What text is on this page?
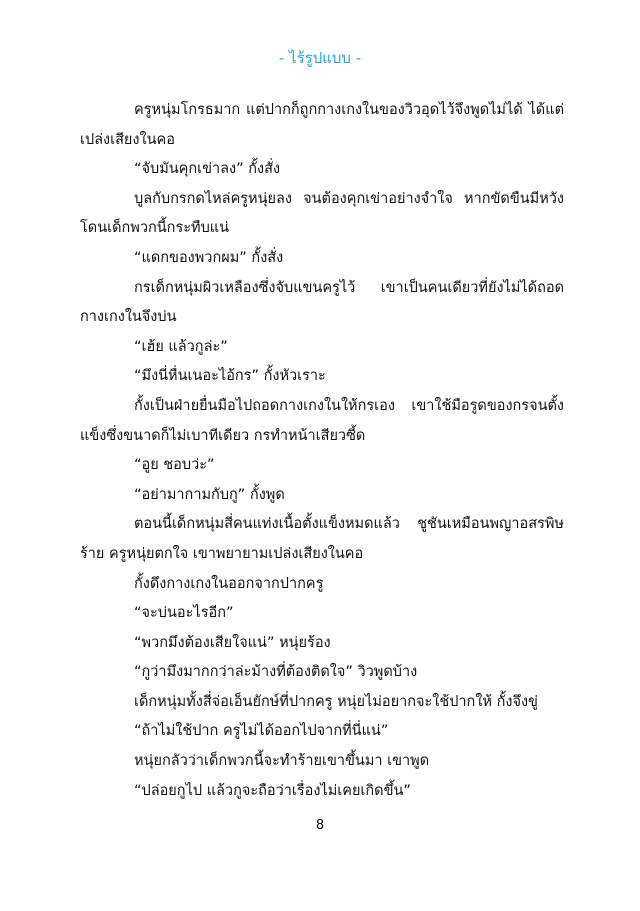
- ไร้รูปแบบ -

ครูหนุ่มโกรธมาก แต่ปากก็ถูกกางเกงในของวิวอุดไว้จึงพูดไม่ได้ ได้แต่เปล่งเสียงในคอ

“จับมันคุกเข่าลง” กั้งสั่ง

บูลกับกรกดไหล่ครูหนุ่ยลง จนต้องคุกเข่าอย่างจำใจ หากขัดขืนมีหวังโดนเด็กพวกนี้กระทืบแน่

“แดกของพวกผม” กั้งสั่ง

กรเด็กหนุ่มผิวเหลืองซึ่งจับแขนครูไว้ เขาเป็นคนเดียวที่ยังไม่ได้ถอดกางเกงในจึงบ่น

“เฮ้ย แล้วกูล่ะ”

“มึงนี่หื่นเนอะไอ้กร” กั้งหัวเราะ

กั้งเป็นฝ่ายยื่นมือไปถอดกางเกงในให้กรเอง เขาใช้มือรูดของกรจนตั้งแข็งซึ่งขนาดก็ไม่เบาทีเดียว กรทำหน้าเสียวซี้ด

“อูย ชอบว่ะ”

“อย่ามากามกับกู” กั้งพูด

ตอนนี้เด็กหนุ่มสี่คนแท่งเนื้อตั้งแข็งหมดแล้ว ชูชันเหมือนพญาอสรพิษร้าย ครูหนุ่ยตกใจ เขาพยายามเปล่งเสียงในคอ

กั้งดึงกางเกงในออกจากปากครู

“จะบ่นอะไรอีก”

“พวกมึงต้องเสียใจแน่” หนุ่ยร้อง

“กูว่ามึงมากกว่าล่ะม้างที่ต้องติดใจ” วิวพูดบ้าง

เด็กหนุ่มทั้งสี่จ่อเอ็นยักษ์ที่ปากครู หนุ่ยไม่อยากจะใช้ปากให้ กั้งจึงขู่

“ถ้าไม่ใช้ปาก ครูไม่ได้ออกไปจากที่นี่แน่”

หนุ่ยกลัวว่าเด็กพวกนี้จะทำร้ายเขาขึ้นมา เขาพูด

“ปล่อยกูไป แล้วกูจะถือว่าเรื่องไม่เคยเกิดขึ้น”

8
